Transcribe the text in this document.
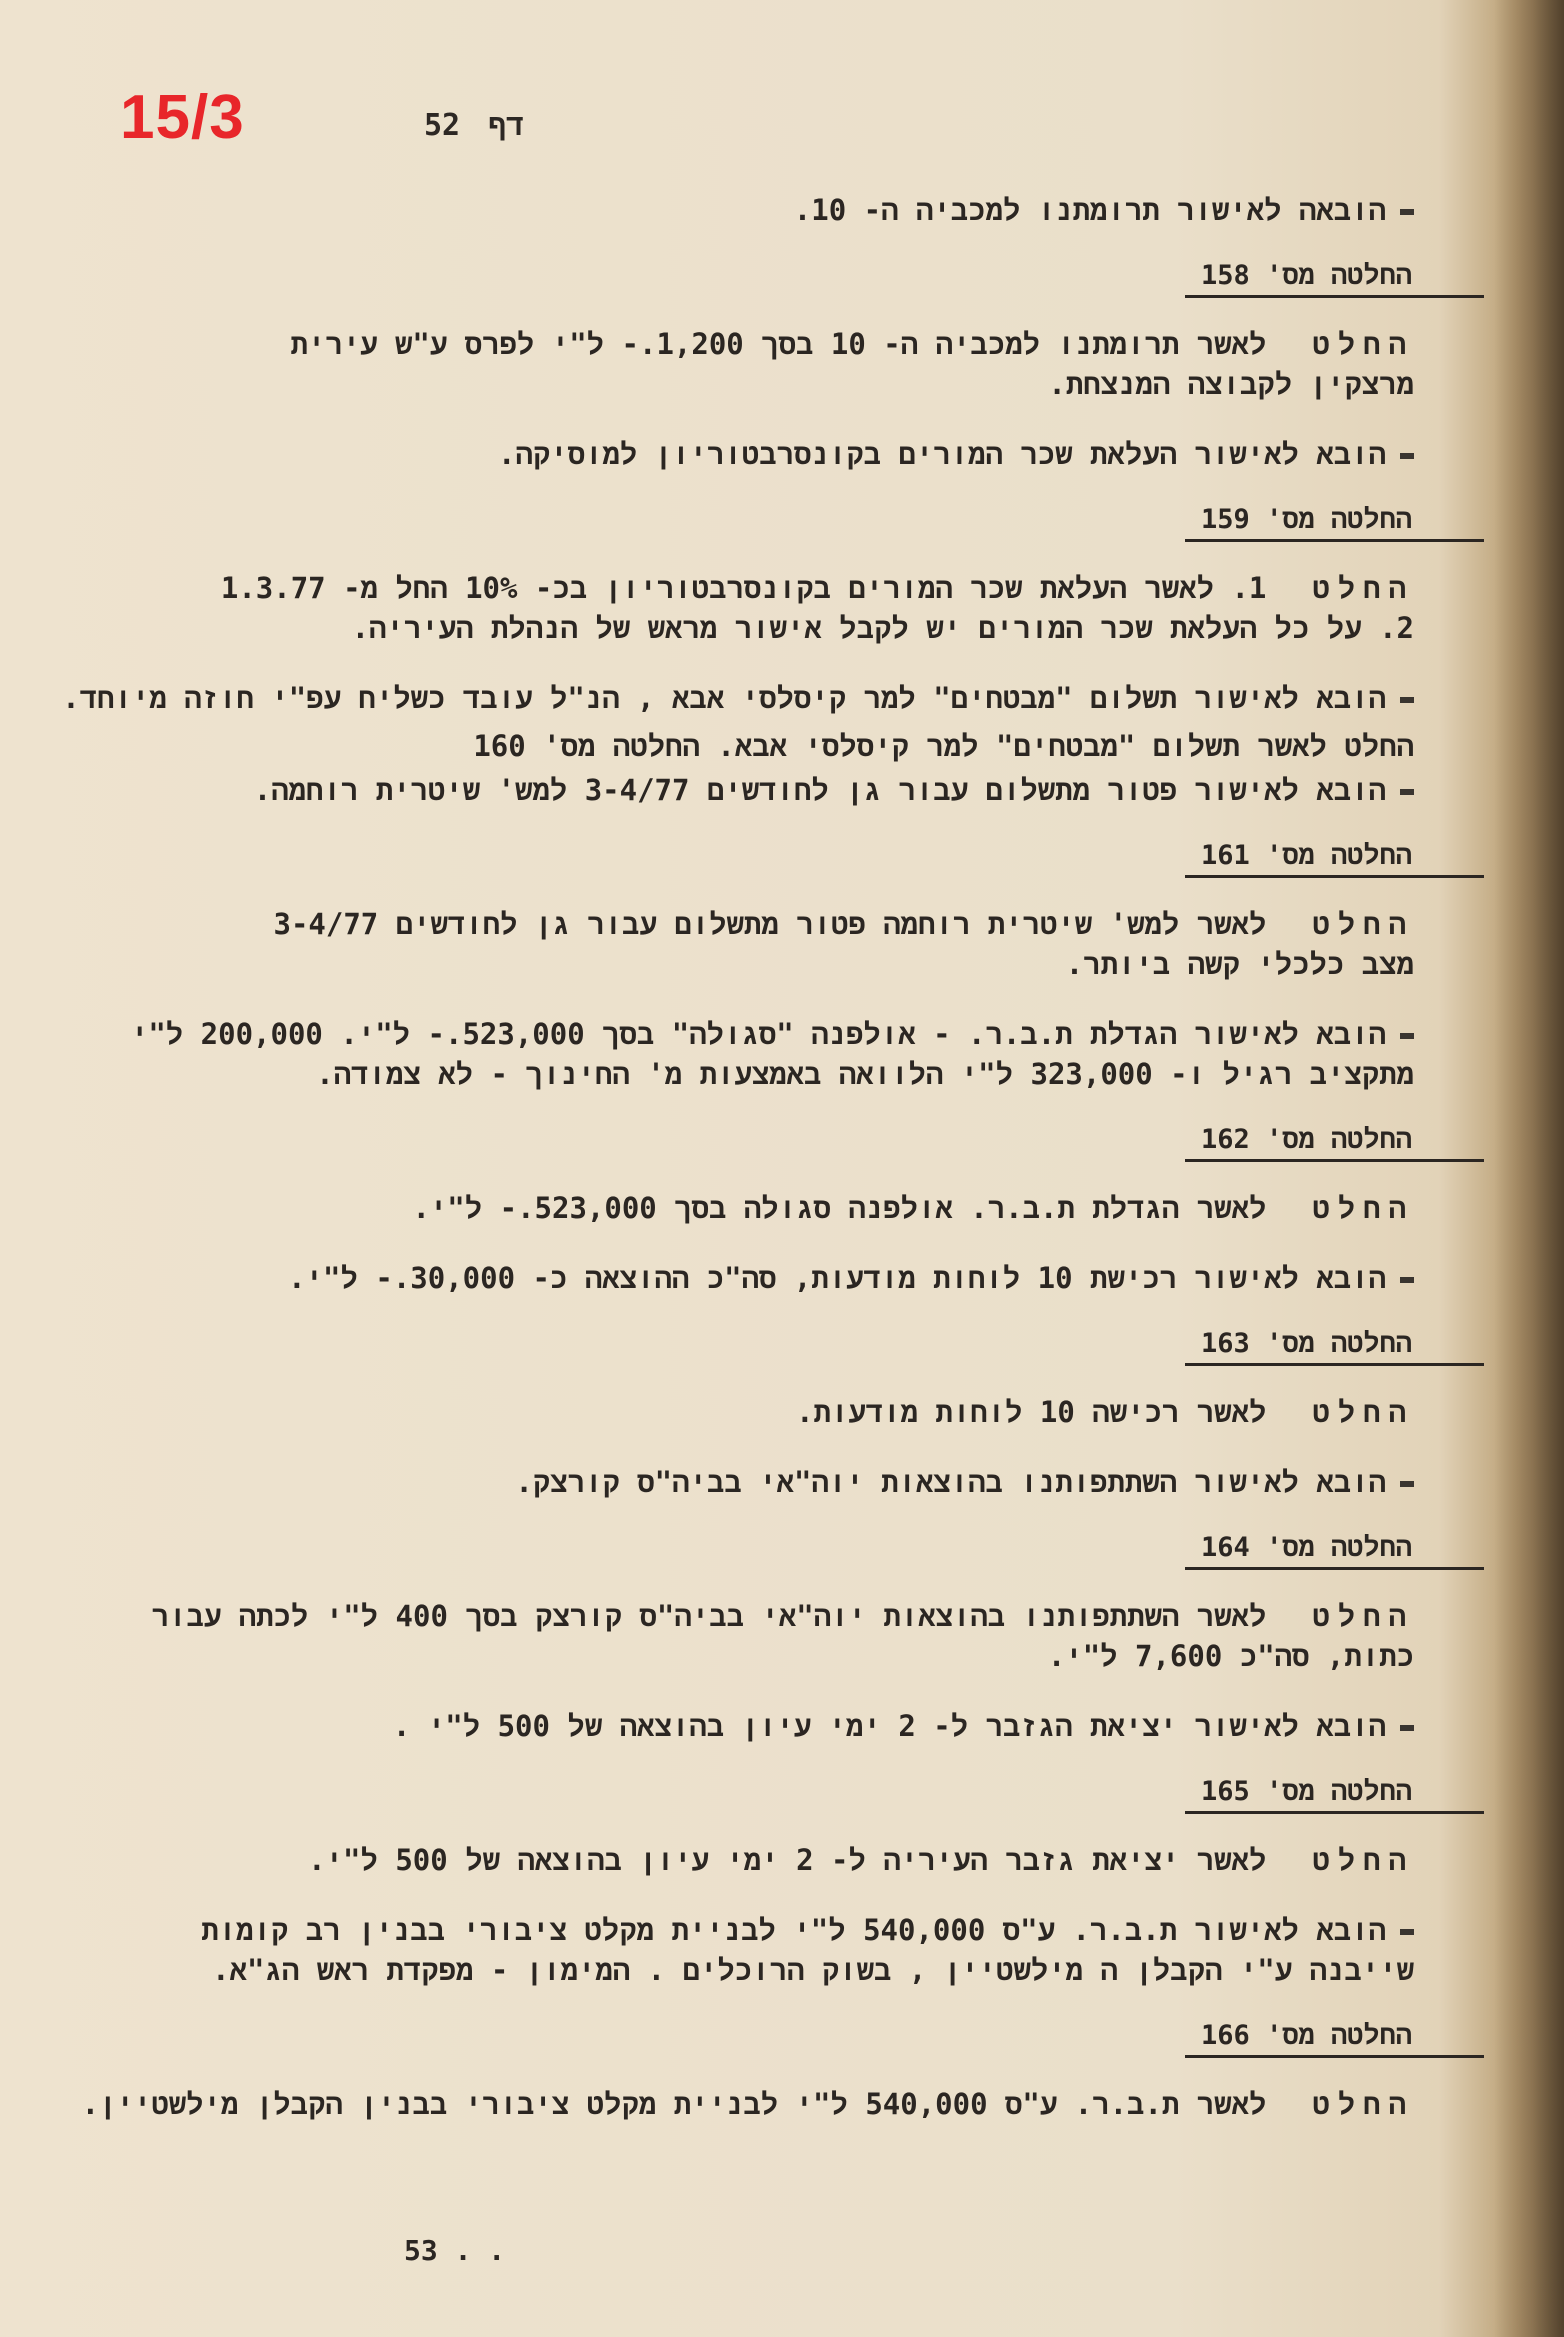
15/3	דף52
הובאה לאישור תרומתנו למכביה ה- 10.
החלטה מס' 158
החלטלאשר תרומתנו למכביה ה- 10 בסך 1,200.- ל"י לפרס ע"ש עירית
מרצקין לקבוצה המנצחת.
הובא לאישור העלאת שכר המורים בקונסרבטוריון למוסיקה.
החלטה מס' 159
החלט1. לאשר העלאת שכר המורים בקונסרבטוריון בכ- 10% החל מ- 1.3.77
2. על כל העלאת שכר המורים יש לקבל אישור מראש של הנהלת העיריה.
הובא לאישור תשלום "מבטחים" למר קיסלסי אבא , הנ"ל עובד כשליח עפ"י חוזה מיוחד.
החלט לאשר תשלום "מבטחים" למר קיסלסי אבא. החלטה מס' 160
הובא לאישור פטור מתשלום עבור גן לחודשים 3-4/77 למש' שיטרית רוחמה.
החלטה מס' 161
החלטלאשר למש' שיטרית רוחמה פטור מתשלום עבור גן לחודשים 3-4/77
מצב כלכלי קשה ביותר.
הובא לאישור הגדלת ת.ב.ר. - אולפנה "סגולה" בסך 523,000.- ל"י. 200,000 ל"י
מתקציב רגיל ו- 323,000 ל"י הלוואה באמצעות מ' החינוך - לא צמודה.
החלטה מס' 162
החלטלאשר הגדלת ת.ב.ר. אולפנה סגולה בסך 523,000.- ל"י.
הובא לאישור רכישת 10 לוחות מודעות, סה"כ ההוצאה כ- 30,000.- ל"י.
החלטה מס' 163
החלטלאשר רכישה 10 לוחות מודעות.
הובא לאישור השתתפותנו בהוצאות יוה"אי בביה"ס קורצק.
החלטה מס' 164
החלטלאשר השתתפותנו בהוצאות יוה"אי בביה"ס קורצק בסך 400 ל"י לכתה עבור
כתות, סה"כ 7,600 ל"י.
הובא לאישור יציאת הגזבר ל- 2 ימי עיון בהוצאה של 500 ל"י .
החלטה מס' 165
החלטלאשר יציאת גזבר העיריה ל- 2 ימי עיון בהוצאה של 500 ל"י.
הובא לאישור ת.ב.ר. ע"ס 540,000 ל"י לבניית מקלט ציבורי בבנין רב קומות
שייבנה ע"י הקבלן ה מילשטיין , בשוק הרוכלים . המימון - מפקדת ראש הג"א.
החלטה מס' 166
החלטלאשר ת.ב.ר. ע"ס 540,000 ל"י לבניית מקלט ציבורי בבנין הקבלן מילשטיין.
53 . .
